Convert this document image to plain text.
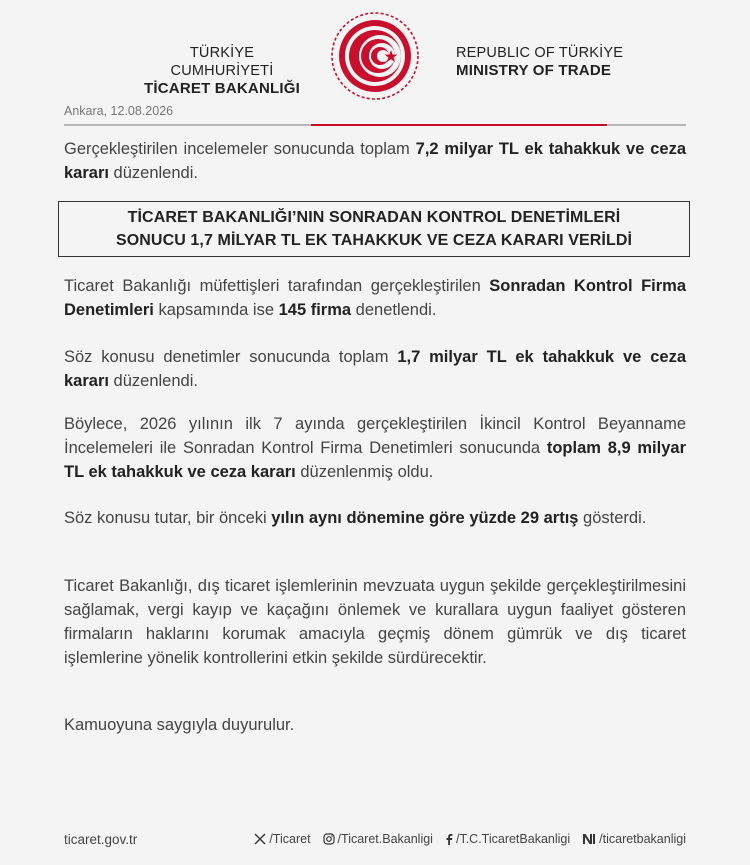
TÜRKİYE CUMHURİYETİ
TİCARET BAKANLIĞI
REPUBLIC OF TÜRKİYE
MINISTRY OF TRADE
Ankara, 12.08.2026

Gerçekleştirilen incelemeler sonucunda toplam 7,2 milyar TL ek tahakkuk ve ceza kararı düzenlendi.

TİCARET BAKANLIĞI’NIN SONRADAN KONTROL DENETİMLERİ
SONUCU 1,7 MİLYAR TL EK TAHAKKUK VE CEZA KARARI VERİLDİ

Ticaret Bakanlığı müfettişleri tarafından gerçekleştirilen Sonradan Kontrol Firma Denetimleri kapsamında ise 145 firma denetlendi.

Söz konusu denetimler sonucunda toplam 1,7 milyar TL ek tahakkuk ve ceza kararı düzenlendi.

Böylece, 2026 yılının ilk 7 ayında gerçekleştirilen İkincil Kontrol Beyanname İncelemeleri ile Sonradan Kontrol Firma Denetimleri sonucunda toplam 8,9 milyar TL ek tahakkuk ve ceza kararı düzenlenmiş oldu.

Söz konusu tutar, bir önceki yılın aynı dönemine göre yüzde 29 artış gösterdi.

Ticaret Bakanlığı, dış ticaret işlemlerinin mevzuata uygun şekilde gerçekleştirilmesini sağlamak, vergi kayıp ve kaçağını önlemek ve kurallara uygun faaliyet gösteren firmaların haklarını korumak amacıyla geçmiş dönem gümrük ve dış ticaret işlemlerine yönelik kontrollerini etkin şekilde sürdürecektir.

Kamuoyuna saygıyla duyurulur.

ticaret.gov.tr	/Ticaret /Ticaret.Bakanligi /T.C.TicaretBakanligi /ticaretbakanligi
